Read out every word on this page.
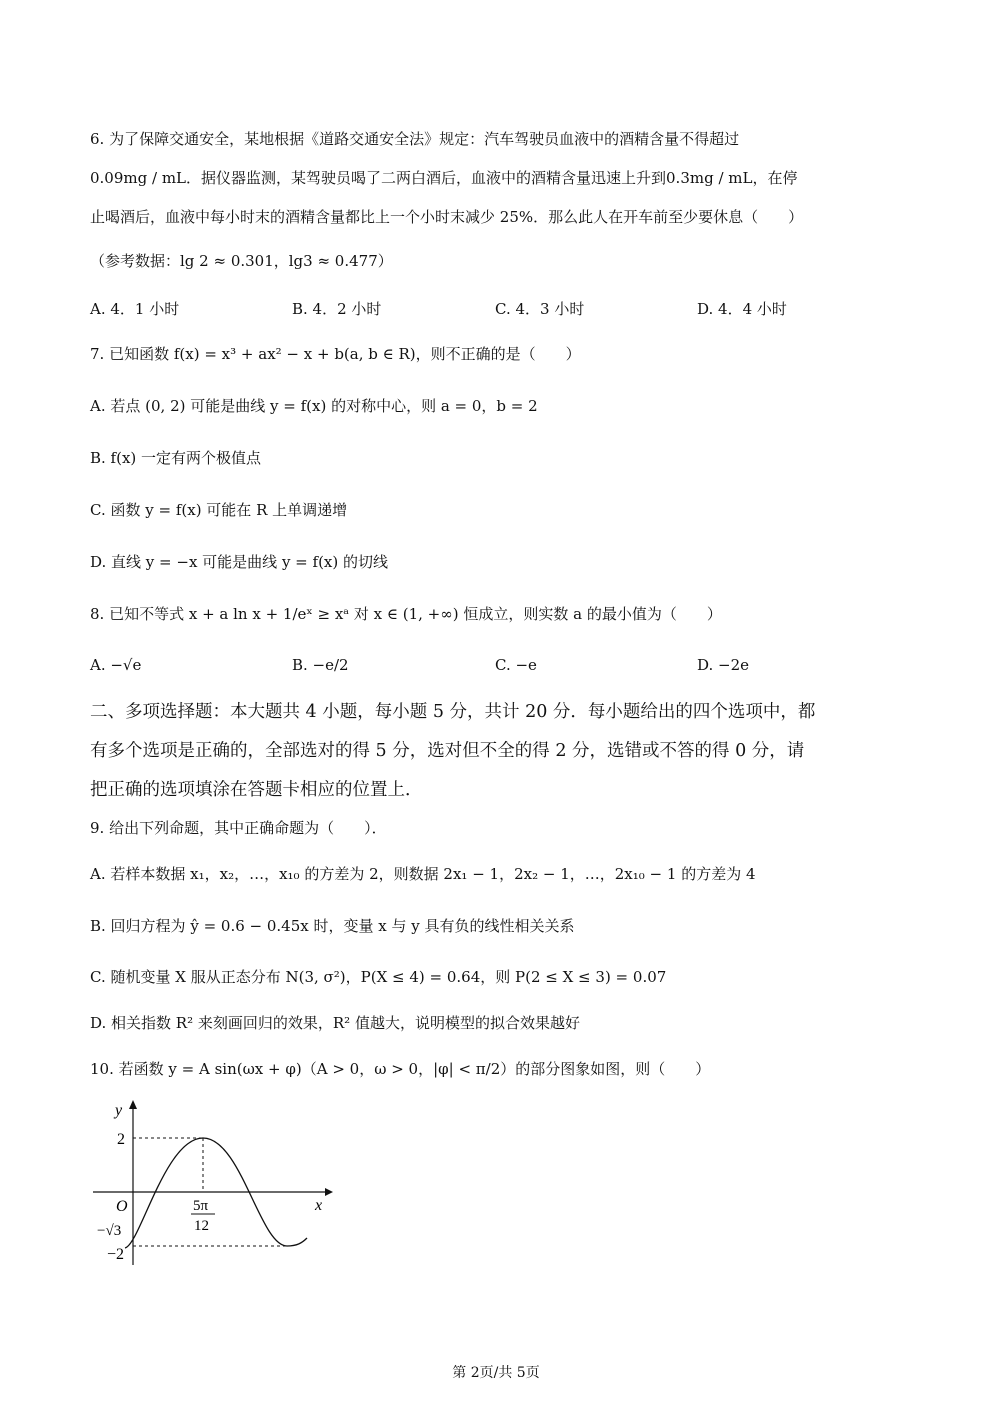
6. 为了保障交通安全，某地根据《道路交通安全法》规定：汽车驾驶员血液中的酒精含量不得超过
0.09mg / mL．据仪器监测，某驾驶员喝了二两白酒后，血液中的酒精含量迅速上升到0.3mg / mL，在停
止喝酒后，血液中每小时末的酒精含量都比上一个小时末减少 25%．那么此人在开车前至少要休息（　　）
（参考数据：lg 2 ≈ 0.301，lg3 ≈ 0.477）
A. 4．1 小时	B. 4．2 小时	C. 4．3 小时	D. 4．4 小时
7. 已知函数 f(x) = x³ + ax² − x + b(a, b ∈ R)，则不正确的是（　　）
A. 若点 (0, 2) 可能是曲线 y = f(x) 的对称中心，则 a = 0，b = 2
B. f(x) 一定有两个极值点
C. 函数 y = f(x) 可能在 R 上单调递增
D. 直线 y = −x 可能是曲线 y = f(x) 的切线
8. 已知不等式 x + a ln x + 1/eˣ ≥ xᵃ 对 x ∈ (1, +∞) 恒成立，则实数 a 的最小值为（　　）
A. −√e	B. −e/2	C. −e	D. −2e
二、多项选择题：本大题共 4 小题，每小题 5 分，共计 20 分．每小题给出的四个选项中，都
有多个选项是正确的，全部选对的得 5 分，选对但不全的得 2 分，选错或不答的得 0 分，请
把正确的选项填涂在答题卡相应的位置上．
9. 给出下列命题，其中正确命题为（　　）．
A. 若样本数据 x₁，x₂，…，x₁₀ 的方差为 2，则数据 2x₁ − 1，2x₂ − 1，…，2x₁₀ − 1 的方差为 4
B. 回归方程为 ŷ = 0.6 − 0.45x 时，变量 x 与 y 具有负的线性相关关系
C. 随机变量 X 服从正态分布 N(3, σ²)，P(X ≤ 4) = 0.64，则 P(2 ≤ X ≤ 3) = 0.07
D. 相关指数 R² 来刻画回归的效果，R² 值越大，说明模型的拟合效果越好
10. 若函数 y = A sin(ωx + φ)（A > 0，ω > 0，|φ| < π/2）的部分图象如图，则（　　）
y
x
O
2
−√3
−2
5π
12
第 2页/共 5页
